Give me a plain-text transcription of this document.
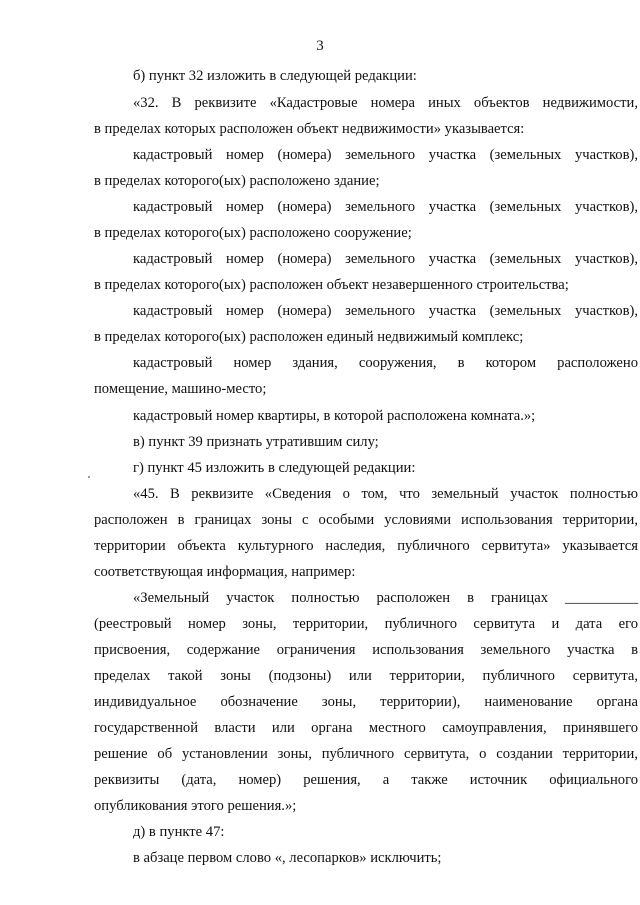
3
б) пункт 32 изложить в следующей редакции:
«32. В реквизите «Кадастровые номера иных объектов недвижимости,
в пределах которых расположен объект недвижимости» указывается:
кадастровый номер (номера) земельного участка (земельных участков),
в пределах которого(ых) расположено здание;
кадастровый номер (номера) земельного участка (земельных участков),
в пределах которого(ых) расположено сооружение;
кадастровый номер (номера) земельного участка (земельных участков),
в пределах которого(ых) расположен объект незавершенного строительства;
кадастровый номер (номера) земельного участка (земельных участков),
в пределах которого(ых) расположен единый недвижимый комплекс;
кадастровый номер здания, сооружения, в котором расположено
помещение, машино-место;
кадастровый номер квартиры, в которой расположена комната.»;
в) пункт 39 признать утратившим силу;
г) пункт 45 изложить в следующей редакции:
«45. В реквизите «Сведения о том, что земельный участок полностью
расположен в границах зоны с особыми условиями использования территории,
территории объекта культурного наследия, публичного сервитута» указывается
соответствующая информация, например:
«Земельный участок полностью расположен в границах __________
(реестровый номер зоны, территории, публичного сервитута и дата его
присвоения, содержание ограничения использования земельного участка в
пределах такой зоны (подзоны) или территории, публичного сервитута,
индивидуальное обозначение зоны, территории), наименование органа
государственной власти или органа местного самоуправления, принявшего
решение об установлении зоны, публичного сервитута, о создании территории,
реквизиты (дата, номер) решения, а также источник официального
опубликования этого решения.»;
д) в пункте 47:
в абзаце первом слово «, лесопарков» исключить;
